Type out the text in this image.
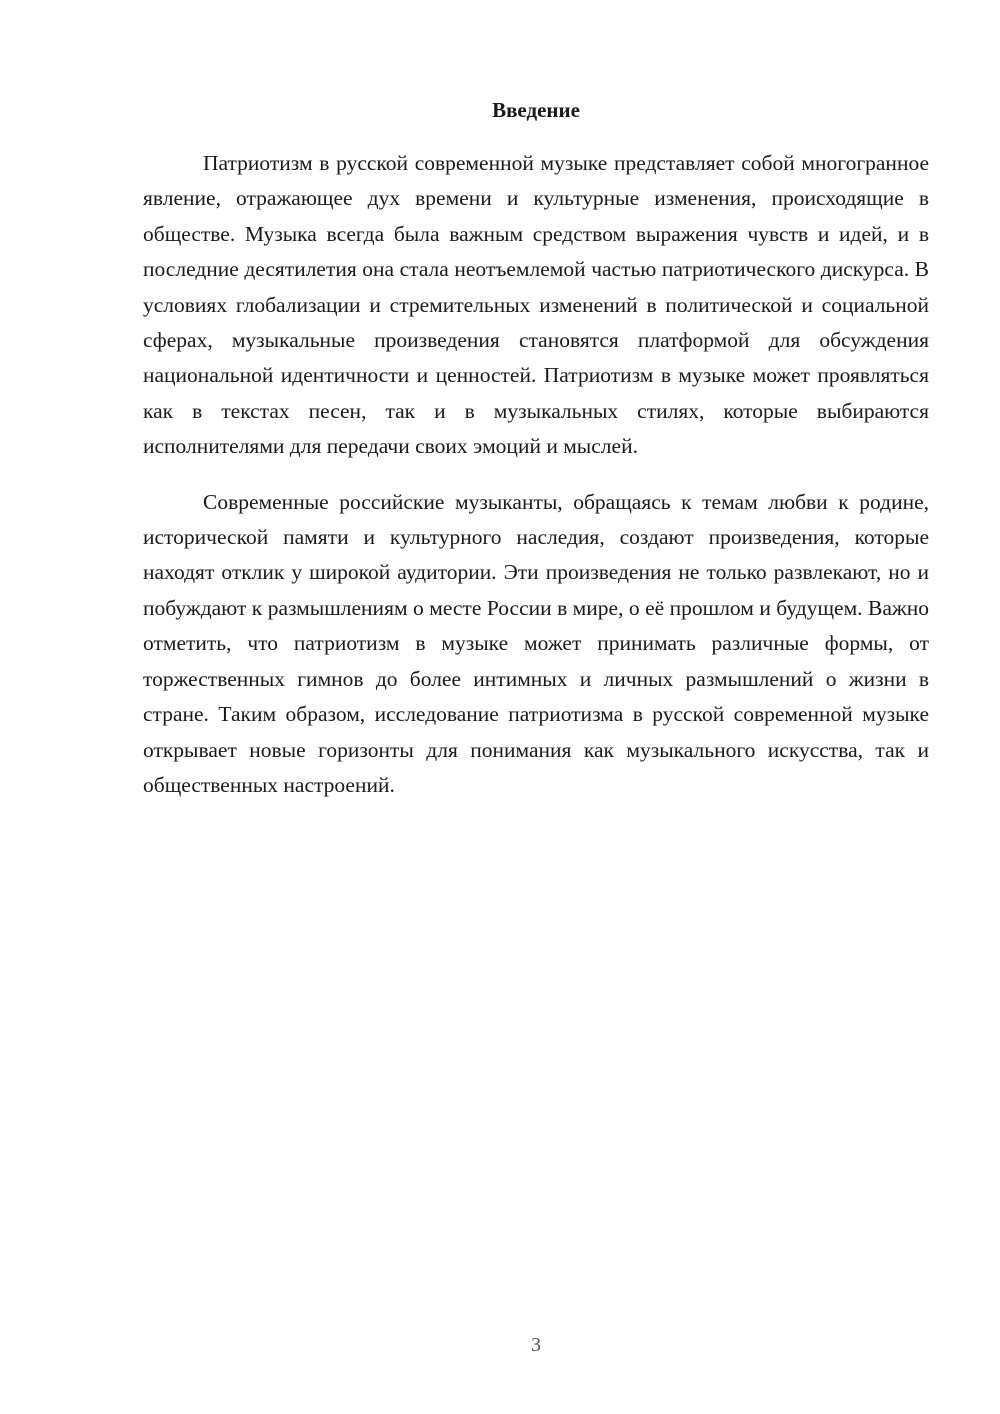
Введение

Патриотизм в русской современной музыке представляет собой многогранное явление, отражающее дух времени и культурные изменения, происходящие в обществе. Музыка всегда была важным средством выражения чувств и идей, и в последние десятилетия она стала неотъемлемой частью патриотического дискурса. В условиях глобализации и стремительных изменений в политической и социальной сферах, музыкальные произведения становятся платформой для обсуждения национальной идентичности и ценностей. Патриотизм в музыке может проявляться как в текстах песен, так и в музыкальных стилях, которые выбираются исполнителями для передачи своих эмоций и мыслей.

Современные российские музыканты, обращаясь к темам любви к родине, исторической памяти и культурного наследия, создают произведения, которые находят отклик у широкой аудитории. Эти произведения не только развлекают, но и побуждают к размышлениям о месте России в мире, о её прошлом и будущем. Важно отметить, что патриотизм в музыке может принимать различные формы, от торжественных гимнов до более интимных и личных размышлений о жизни в стране. Таким образом, исследование патриотизма в русской современной музыке открывает новые горизонты для понимания как музыкального искусства, так и общественных настроений.

3
